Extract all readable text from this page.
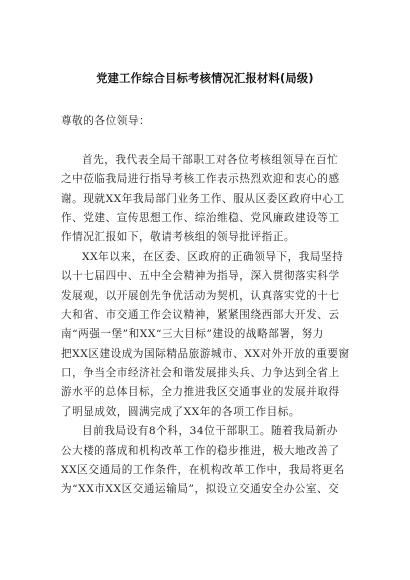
党建工作综合目标考核情况汇报材料(局级)
尊敬的各位领导：
首先，我代表全局干部职工对各位考核组领导在百忙
之中莅临我局进行指导考核工作表示热烈欢迎和衷心的感
谢。现就XX年我局部门业务工作、服从区委区政府中心工
作、党建、宣传思想工作、综治维稳、党风廉政建设等工
作情况汇报如下，敬请考核组的领导批评指正。
XX年以来，在区委、区政府的正确领导下，我局坚持
以十七届四中、五中全会精神为指导，深入贯彻落实科学
发展观，以开展创先争优活动为契机，认真落实党的十七
大和省、市交通工作会议精神，紧紧围绕西部大开发、云
南“两强一堡”和XX“三大目标”建设的战略部署，努力
把XX区建设成为国际精品旅游城市、XX对外开放的重要窗
口，争当全市经济社会和谐发展排头兵、力争达到全省上
游水平的总体目标，全力推进我区交通事业的发展并取得
了明显成效，圆满完成了XX年的各项工作目标。
目前我局设有8个科，34位干部职工。随着我局新办
公大楼的落成和机构改革工作的稳步推进，极大地改善了
XX区交通局的工作条件，在机构改革工作中，我局将更名
为“XX市XX区交通运输局”，拟设立交通安全办公室、交
